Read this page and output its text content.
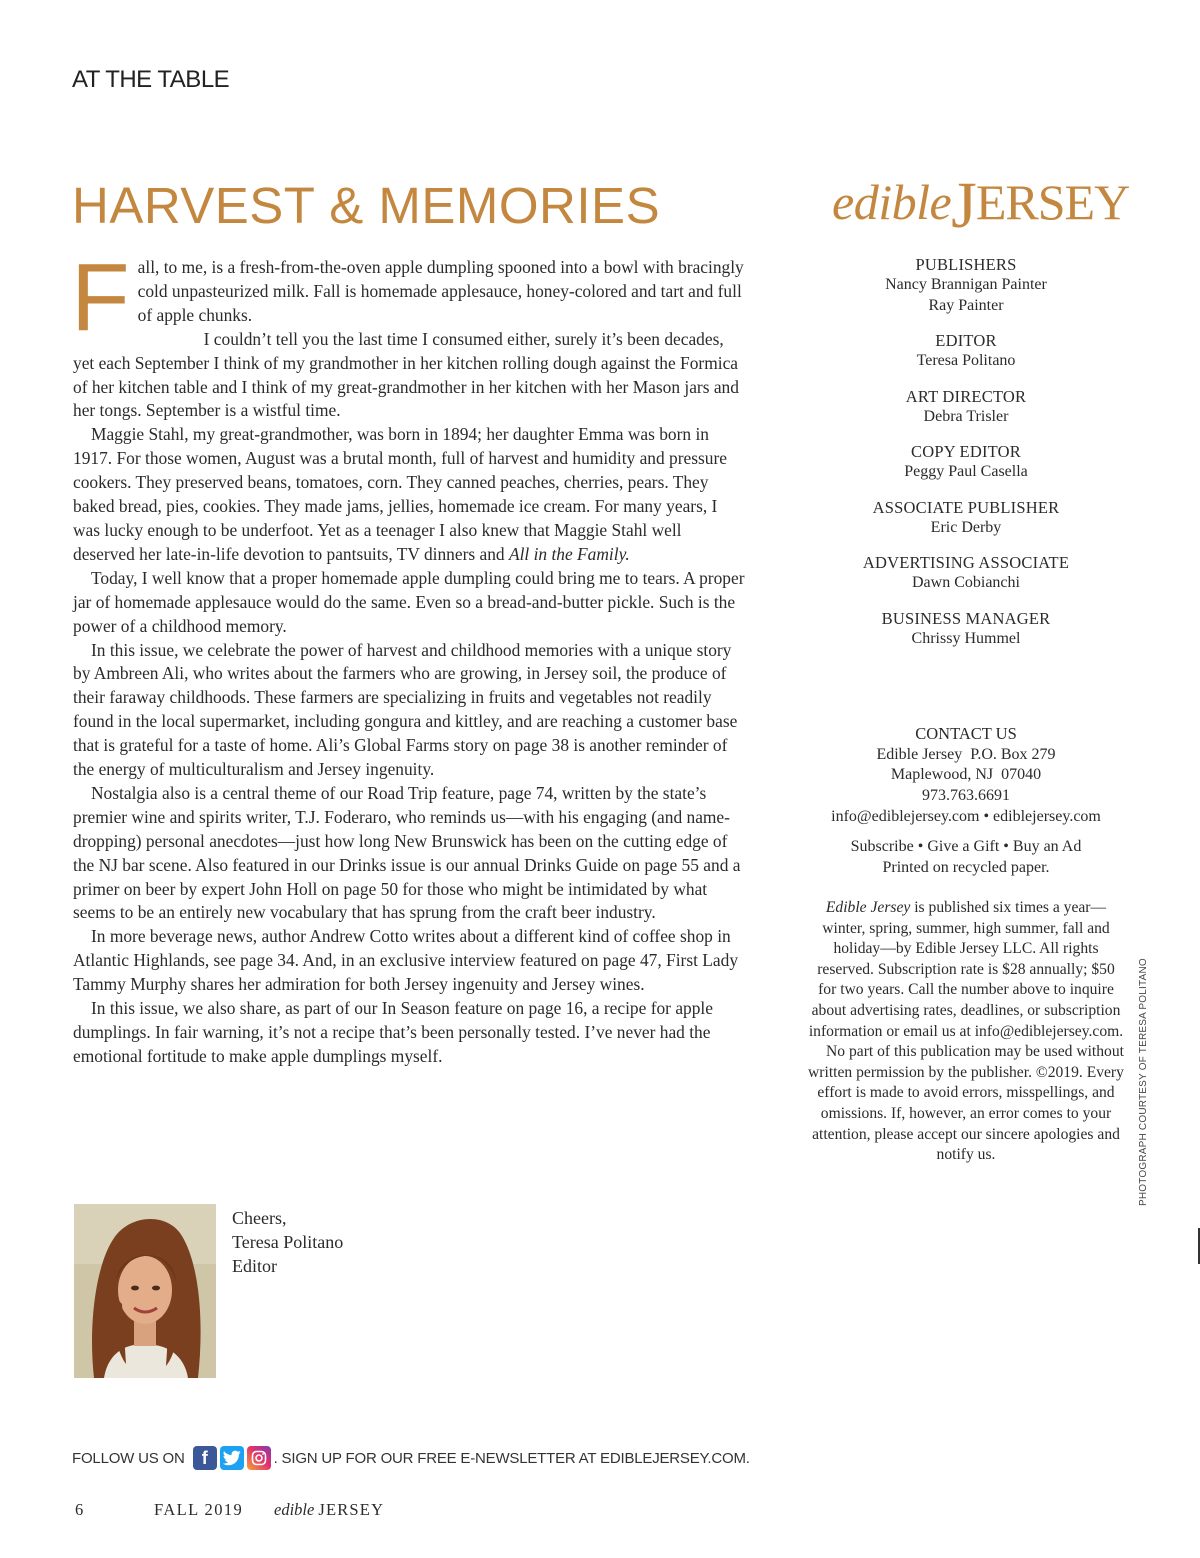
AT THE TABLE
HARVEST & MEMORIES

Fall, to me, is a fresh-from-the-oven apple dumpling spooned into a bowl with bracingly cold unpasteurized milk. Fall is homemade applesauce, honey-colored and tart and full of apple chunks.

I couldn’t tell you the last time I consumed either, surely it’s been decades, yet each September I think of my grandmother in her kitchen rolling dough against the Formica of her kitchen table and I think of my great-grandmother in her kitchen with her Mason jars and her tongs. September is a wistful time.

Maggie Stahl, my great-grandmother, was born in 1894; her daughter Emma was born in 1917. For those women, August was a brutal month, full of harvest and humidity and pressure cookers. They preserved beans, tomatoes, corn. They canned peaches, cherries, pears. They baked bread, pies, cookies. They made jams, jellies, homemade ice cream. For many years, I was lucky enough to be underfoot. Yet as a teenager I also knew that Maggie Stahl well deserved her late-in-life devotion to pantsuits, TV dinners and All in the Family.

Today, I well know that a proper homemade apple dumpling could bring me to tears. A proper jar of homemade applesauce would do the same. Even so a bread-and-butter pickle. Such is the power of a childhood memory.

In this issue, we celebrate the power of harvest and childhood memories with a unique story by Ambreen Ali, who writes about the farmers who are growing, in Jersey soil, the produce of their faraway childhoods. These farmers are specializing in fruits and vegetables not readily found in the local supermarket, including gongura and kittley, and are reaching a customer base that is grateful for a taste of home. Ali’s Global Farms story on page 38 is another reminder of the energy of multiculturalism and Jersey ingenuity.

Nostalgia also is a central theme of our Road Trip feature, page 74, written by the state’s premier wine and spirits writer, T.J. Foderaro, who reminds us—with his engaging (and name-dropping) personal anecdotes—just how long New Brunswick has been on the cutting edge of the NJ bar scene. Also featured in our Drinks issue is our annual Drinks Guide on page 55 and a primer on beer by expert John Holl on page 50 for those who might be intimidated by what seems to be an entirely new vocabulary that has sprung from the craft beer industry.

In more beverage news, author Andrew Cotto writes about a different kind of coffee shop in Atlantic Highlands, see page 34. And, in an exclusive interview featured on page 47, First Lady Tammy Murphy shares her admiration for both Jersey ingenuity and Jersey wines.

In this issue, we also share, as part of our In Season feature on page 16, a recipe for apple dumplings. In fair warning, it’s not a recipe that’s been personally tested. I’ve never had the emotional fortitude to make apple dumplings myself.

Cheers,
Teresa Politano
Editor
edibleJERSEY
PUBLISHERS
Nancy Brannigan Painter
Ray Painter
EDITOR
Teresa Politano
ART DIRECTOR
Debra Trisler
COPY EDITOR
Peggy Paul Casella
ASSOCIATE PUBLISHER
Eric Derby
ADVERTISING ASSOCIATE
Dawn Cobianchi
BUSINESS MANAGER
Chrissy Hummel
CONTACT US
Edible Jersey  P.O. Box 279
Maplewood, NJ  07040
973.763.6691
info@ediblejersey.com • ediblejersey.com
Subscribe • Give a Gift • Buy an Ad
Printed on recycled paper.

Edible Jersey is published six times a year—winter, spring, summer, high summer, fall and holiday—by Edible Jersey LLC. All rights reserved. Subscription rate is $28 annually; $50 for two years. Call the number above to inquire about advertising rates, deadlines, or subscription information or email us at info@ediblejersey.com.

No part of this publication may be used without written permission by the publisher. ©2019. Every effort is made to avoid errors, misspellings, and omissions. If, however, an error comes to your attention, please accept our sincere apologies and notify us.	PHOTOGRAPH COURTESY OF TERESA POLITANO
FOLLOW US ON f	. SIGN UP FOR OUR FREE E-NEWSLETTER AT EDIBLEJERSEY.COM.
6	FALL 2019 edible JERSEY
